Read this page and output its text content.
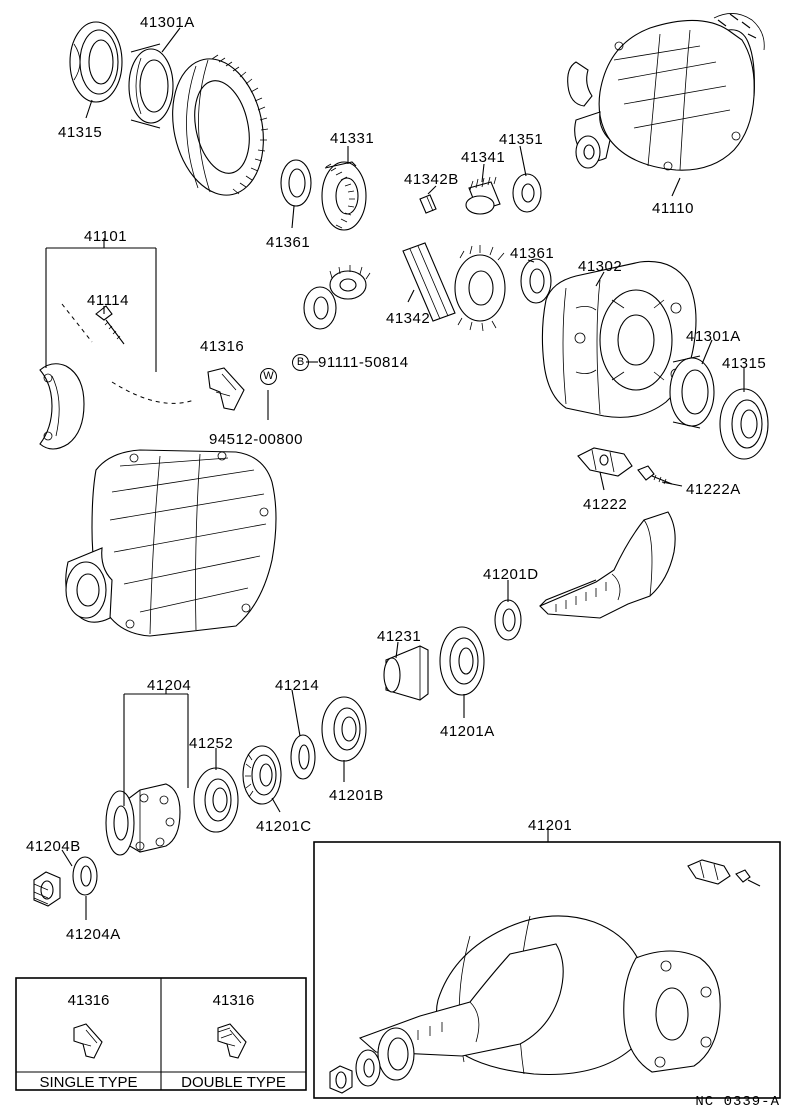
B
W
41301A
41315	41331	41351
41341
41342B
41110
41361
41361
41302
41342
41101
41114
41316
41301A
41315
94512-00800
41222
41222A
41201D
41231
41201A
41204	41214
41252
41201B
41201C	41201
41204B
41204A
91111-50814
41316	41316
SINGLE TYPE	DOUBLE TYPE
NC 0339-A
